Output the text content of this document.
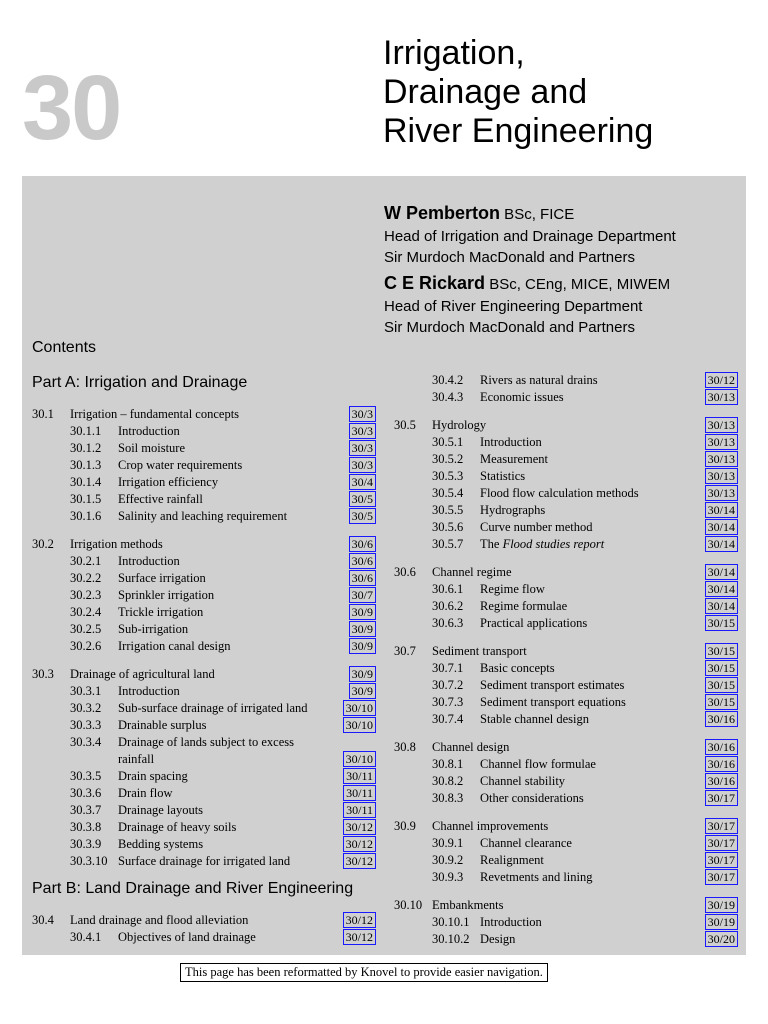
30
Irrigation,
Drainage and
River Engineering
W Pemberton BSc, FICE
Head of Irrigation and Drainage Department
Sir Murdoch MacDonald and Partners
C E Rickard BSc, CEng, MICE, MIWEM
Head of River Engineering Department
Sir Murdoch MacDonald and Partners
Contents
Part A: Irrigation and Drainage
Part B: Land Drainage and River Engineering
30.1 Irrigation – fundamental concepts	30/3
30.1.1 Introduction	30/3
30.1.2 Soil moisture	30/3
30.1.3 Crop water requirements	30/3
30.1.4 Irrigation efficiency	30/4
30.1.5 Effective rainfall	30/5
30.1.6 Salinity and leaching requirement	30/5
30.2 Irrigation methods	30/6
30.2.1 Introduction	30/6
30.2.2 Surface irrigation	30/6
30.2.3 Sprinkler irrigation	30/7
30.2.4 Trickle irrigation	30/9
30.2.5 Sub-irrigation	30/9
30.2.6 Irrigation canal design	30/9
30.3 Drainage of agricultural land	30/9
30.3.1 Introduction	30/9
30.3.2 Sub-surface drainage of irrigated land	30/10
30.3.3 Drainable surplus	30/10
30.3.4 Drainage of lands subject to excess
rainfall	30/10
30.3.5 Drain spacing	30/11
30.3.6 Drain flow	30/11
30.3.7 Drainage layouts	30/11
30.3.8 Drainage of heavy soils	30/12
30.3.9 Bedding systems	30/12
30.3.10 Surface drainage for irrigated land	30/12
30.4 Land drainage and flood alleviation	30/12
30.4.1 Objectives of land drainage	30/12
30.4.2 Rivers as natural drains	30/12
30.4.3 Economic issues	30/13
30.5 Hydrology	30/13
30.5.1 Introduction	30/13
30.5.2 Measurement	30/13
30.5.3 Statistics	30/13
30.5.4 Flood flow calculation methods	30/13
30.5.5 Hydrographs	30/14
30.5.6 Curve number method	30/14
30.5.7 The Flood studies report	30/14
30.6 Channel regime	30/14
30.6.1 Regime flow	30/14
30.6.2 Regime formulae	30/14
30.6.3 Practical applications	30/15
30.7 Sediment transport	30/15
30.7.1 Basic concepts	30/15
30.7.2 Sediment transport estimates	30/15
30.7.3 Sediment transport equations	30/15
30.7.4 Stable channel design	30/16
30.8 Channel design	30/16
30.8.1 Channel flow formulae	30/16
30.8.2 Channel stability	30/16
30.8.3 Other considerations	30/17
30.9 Channel improvements	30/17
30.9.1 Channel clearance	30/17
30.9.2 Realignment	30/17
30.9.3 Revetments and lining	30/17
30.10 Embankments	30/19
30.10.1 Introduction	30/19
30.10.2 Design	30/20
This page has been reformatted by Knovel to provide easier navigation.
